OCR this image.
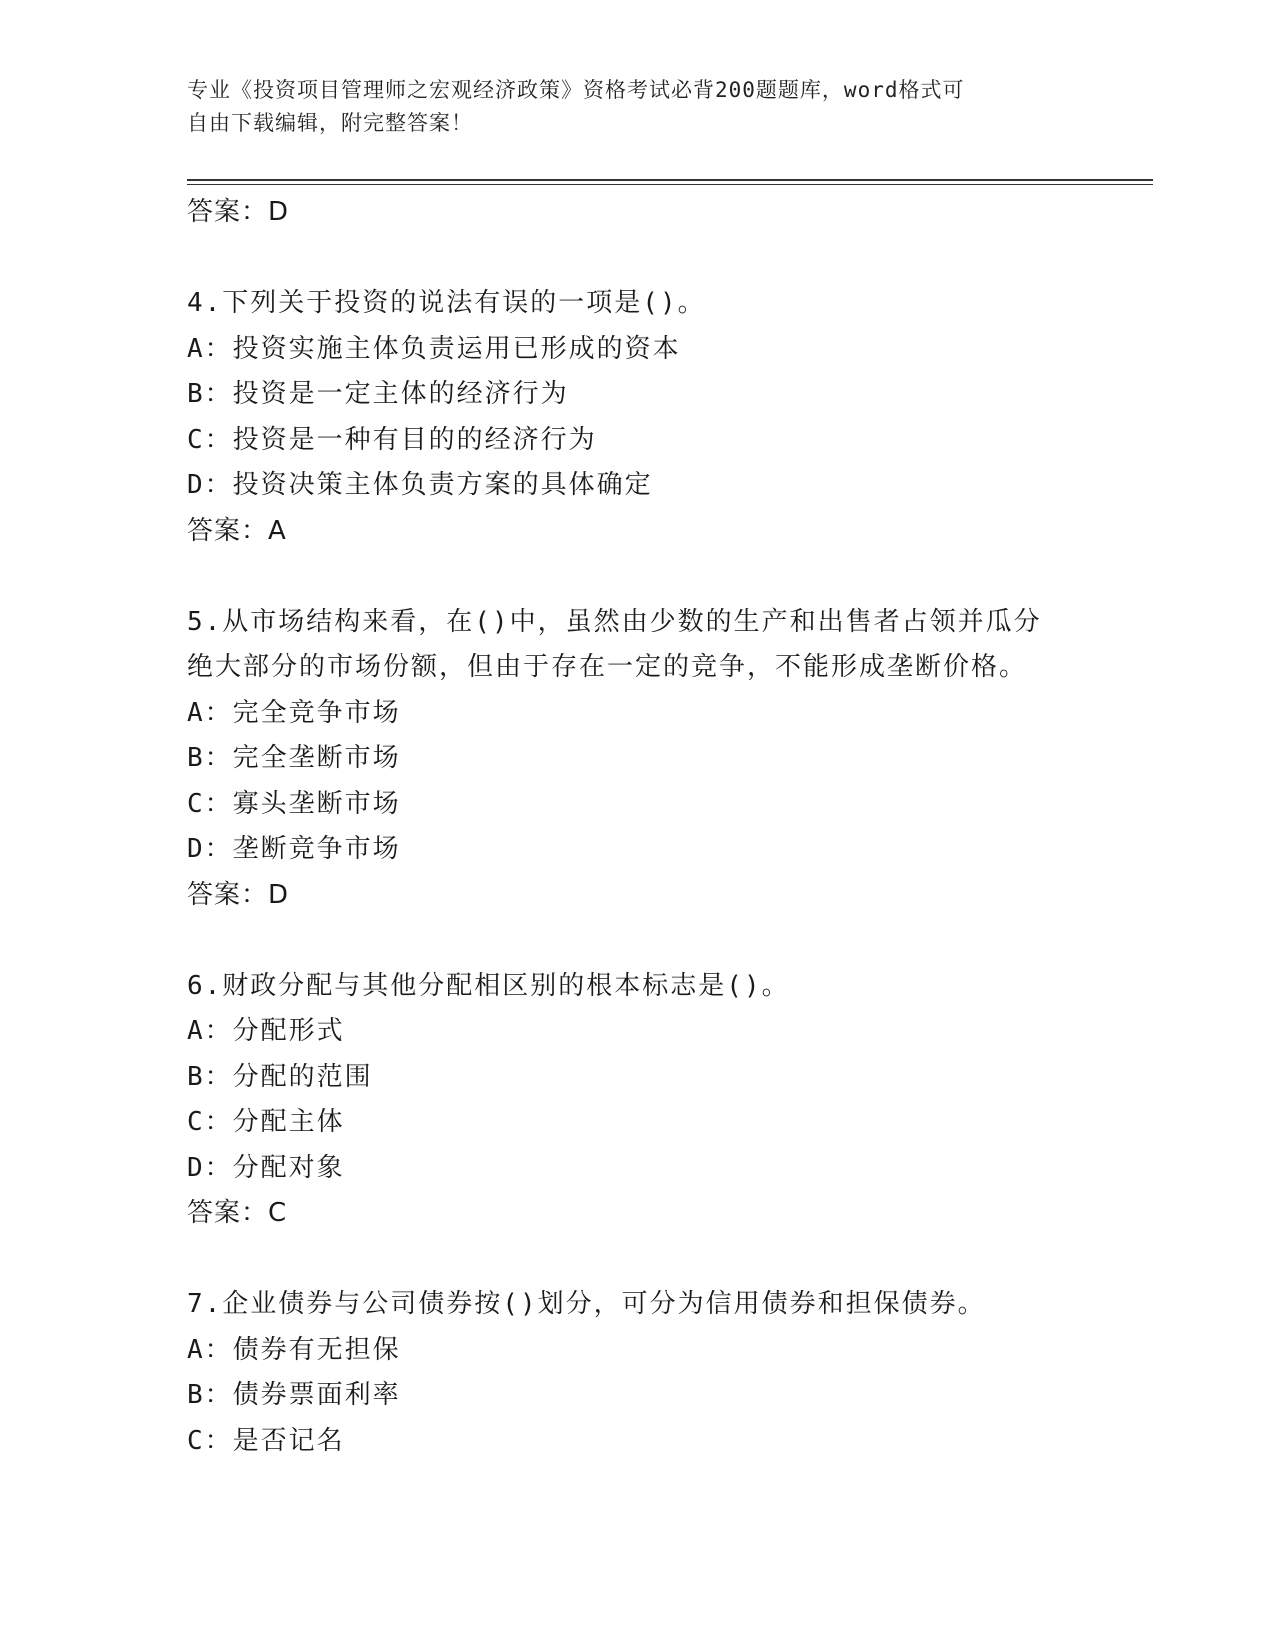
专业《投资项目管理师之宏观经济政策》资格考试必背200题题库，word格式可
自由下载编辑，附完整答案！
答案：D
4.下列关于投资的说法有误的一项是()。
A：投资实施主体负责运用已形成的资本
B：投资是一定主体的经济行为
C：投资是一种有目的的经济行为
D：投资决策主体负责方案的具体确定
答案：A
5.从市场结构来看，在()中，虽然由少数的生产和出售者占领并瓜分
绝大部分的市场份额，但由于存在一定的竞争，不能形成垄断价格。
A：完全竞争市场
B：完全垄断市场
C：寡头垄断市场
D：垄断竞争市场
答案：D
6.财政分配与其他分配相区别的根本标志是()。
A：分配形式
B：分配的范围
C：分配主体
D：分配对象
答案：C
7.企业债券与公司债券按()划分，可分为信用债券和担保债券。
A：债券有无担保
B：债券票面利率
C：是否记名
